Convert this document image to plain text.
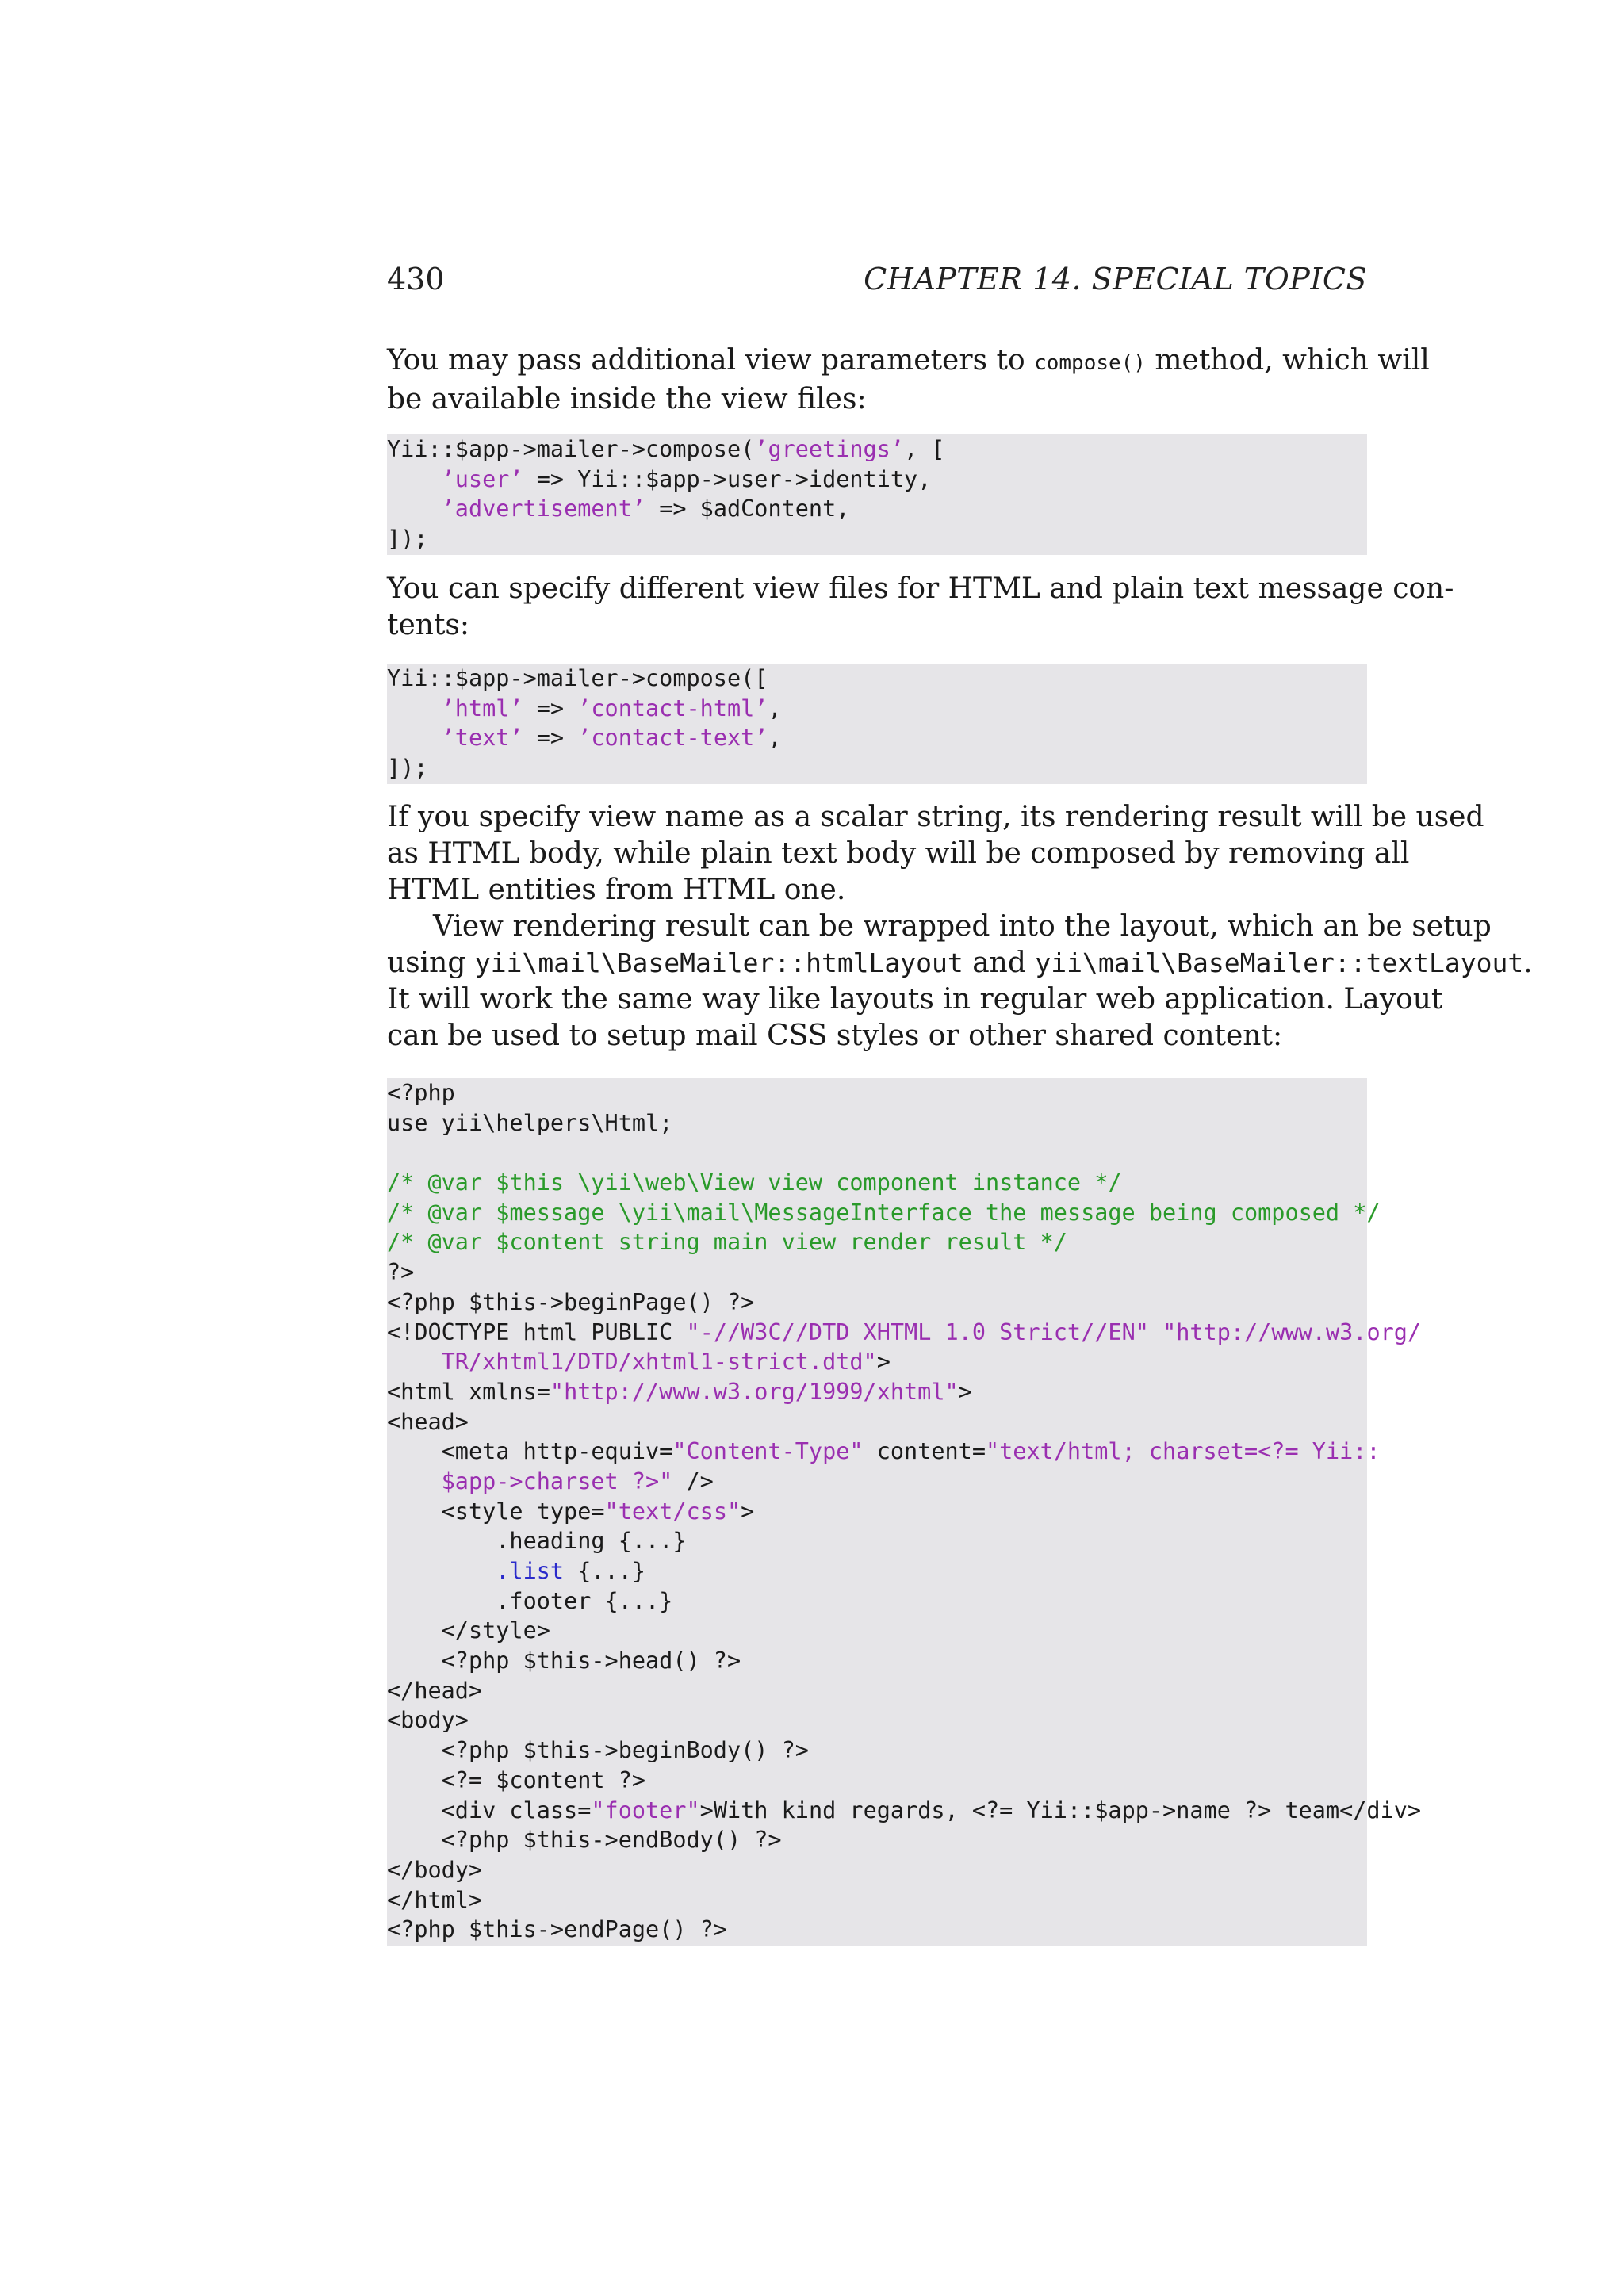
430	CHAPTER 14. SPECIAL TOPICS
You may pass additional view parameters to compose() method, which will
be available inside the view files:
Yii::$app->mailer->compose(’greetings’, [
’user’ => Yii::$app->user->identity,
’advertisement’ => $adContent,
]);
You can specify different view files for HTML and plain text message con-
tents:
Yii::$app->mailer->compose([
’html’ => ’contact-html’,
’text’ => ’contact-text’,
]);
If you specify view name as a scalar string, its rendering result will be used
as HTML body, while plain text body will be composed by removing all
HTML entities from HTML one.
View rendering result can be wrapped into the layout, which an be setup
using yii\mail\BaseMailer::htmlLayout and yii\mail\BaseMailer::textLayout.
It will work the same way like layouts in regular web application. Layout
can be used to setup mail CSS styles or other shared content:
<?php
use yii\helpers\Html;
/* @var $this \yii\web\View view component instance */
/* @var $message \yii\mail\MessageInterface the message being composed */
/* @var $content string main view render result */
?>
<?php $this->beginPage() ?>
<!DOCTYPE html PUBLIC "-//W3C//DTD XHTML 1.0 Strict//EN" "http://www.w3.org/
TR/xhtml1/DTD/xhtml1-strict.dtd">
<html xmlns="http://www.w3.org/1999/xhtml">
<head>
<meta http-equiv="Content-Type" content="text/html; charset=<?= Yii::
$app->charset ?>" />
<style type="text/css">
.heading {...}
.list {...}
.footer {...}
</style>
<?php $this->head() ?>
</head>
<body>
<?php $this->beginBody() ?>
<?= $content ?>
<div class="footer">With kind regards, <?= Yii::$app->name ?> team</div>
<?php $this->endBody() ?>
</body>
</html>
<?php $this->endPage() ?>
